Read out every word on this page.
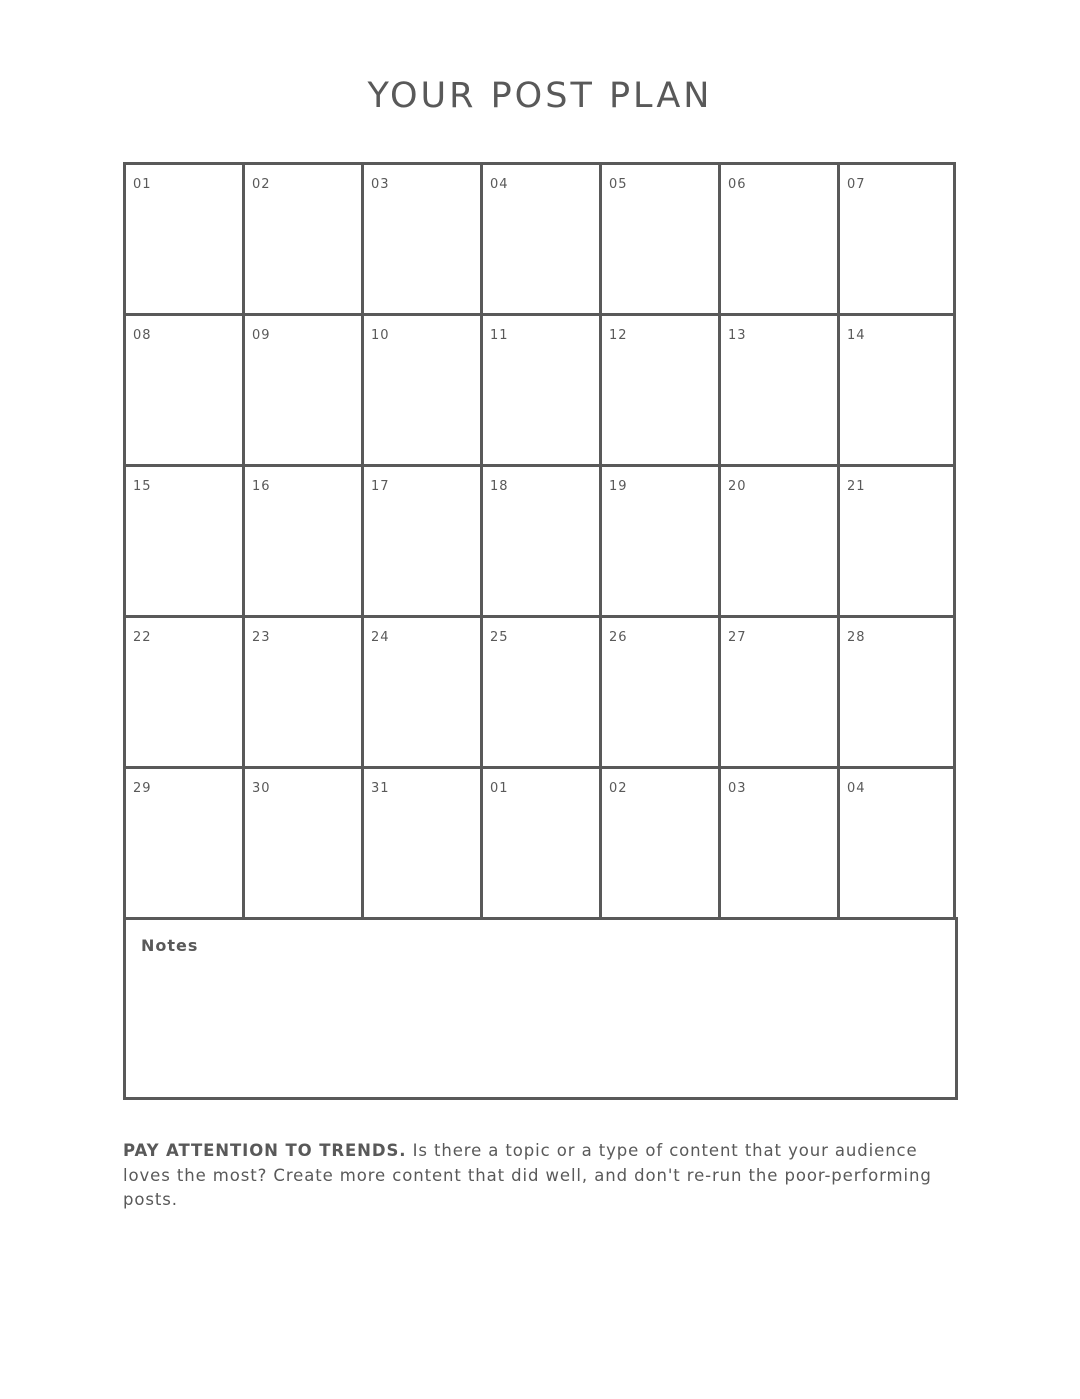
YOUR POST PLAN
01	02	03	04	05	06	07
08	09	10	11	12	13	14
15	16	17	18	19	20	21
22	23	24	25	26	27	28
29	30	31	01	02	03	04
Notes

PAY ATTENTION TO TRENDS. Is there a topic or a type of content that your audience loves the most? Create more content that did well, and don't re-run the poor-performing posts.
